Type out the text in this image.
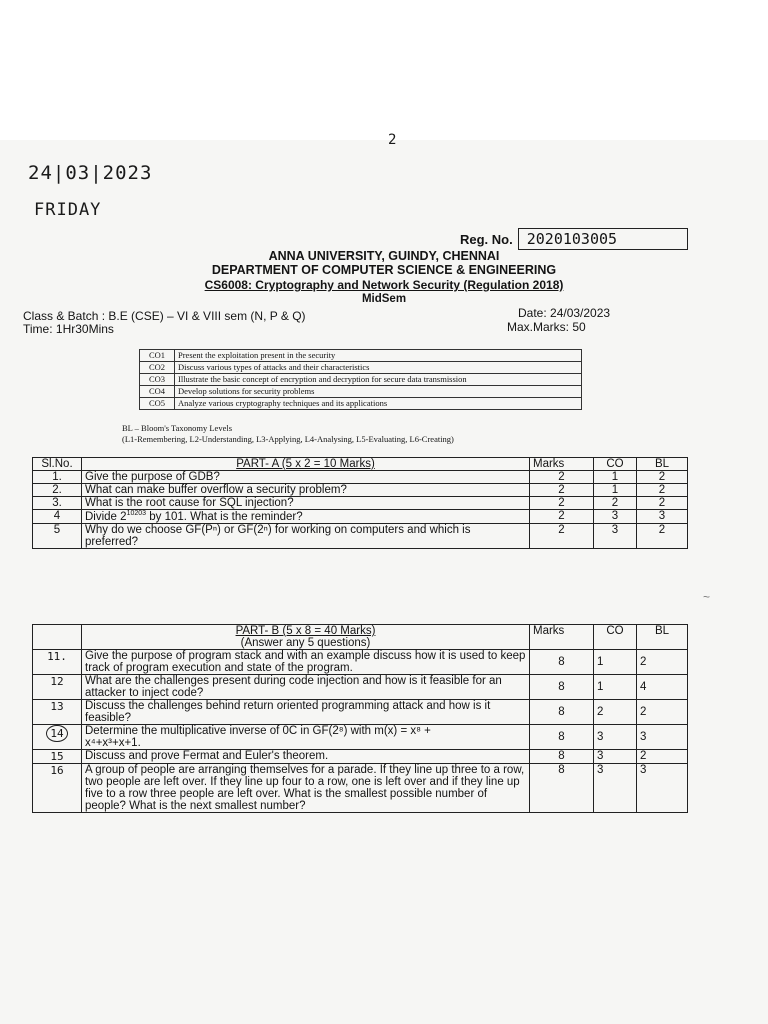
2
24|03|2023
FRIDAY
Reg. No. 2020103005
ANNA UNIVERSITY, GUINDY, CHENNAI
DEPARTMENT OF COMPUTER SCIENCE & ENGINEERING
CS6008: Cryptography and Network Security (Regulation 2018)
MidSem
Class & Batch : B.E (CSE) – VI & VIII sem (N, P & Q)
Time: 1Hr30Mins
Date: 24/03/2023
Max.Marks: 50
CO1	Present the exploitation present in the security
CO2	Discuss various types of attacks and their characteristics
CO3	Illustrate the basic concept of encryption and decryption for secure data transmission
CO4	Develop solutions for security problems
CO5	Analyze various cryptography techniques and its applications
BL – Bloom's Taxonomy Levels
(L1-Remembering, L2-Understanding, L3-Applying, L4-Analysing, L5-Evaluating, L6-Creating)
Sl.No.	PART- A (5 x 2 = 10 Marks)	Marks	CO	BL
1.	Give the purpose of GDB?	2	1	2
2.	What can make buffer overflow a security problem?	2	1	2
3.	What is the root cause for SQL injection?	2	2	2
4	Divide $2^{10203}$ by 101. What is the reminder?	2	3	3
5	Why do we choose GF(Pⁿ) or GF(2ⁿ) for working on computers and which is preferred?	2	3	2
~

	PART- B (5 x 8 = 40 Marks)
(Answer any 5 questions)	Marks	CO	BL
11.	Give the purpose of program stack and with an example discuss how it is used to keep track of program execution and state of the program.	8	1	2
12	What are the challenges present during code injection and how is it feasible for an attacker to inject code?	8	1	4
13	Discuss the challenges behind return oriented programming attack and how is it feasible?	8	2	2
14	Determine the multiplicative inverse of 0C in GF(2⁸) with m(x) = x⁸ +
x⁴+x³+x+1.	8	3	3
15	Discuss and prove Fermat and Euler's theorem.	8	3	2
16	A group of people are arranging themselves for a parade. If they line up three to a row, two people are left over. If they line up four to a row, one is left over and if they line up five to a row three people are left over. What is the smallest possible number of people? What is the next smallest number?	8	3	3
